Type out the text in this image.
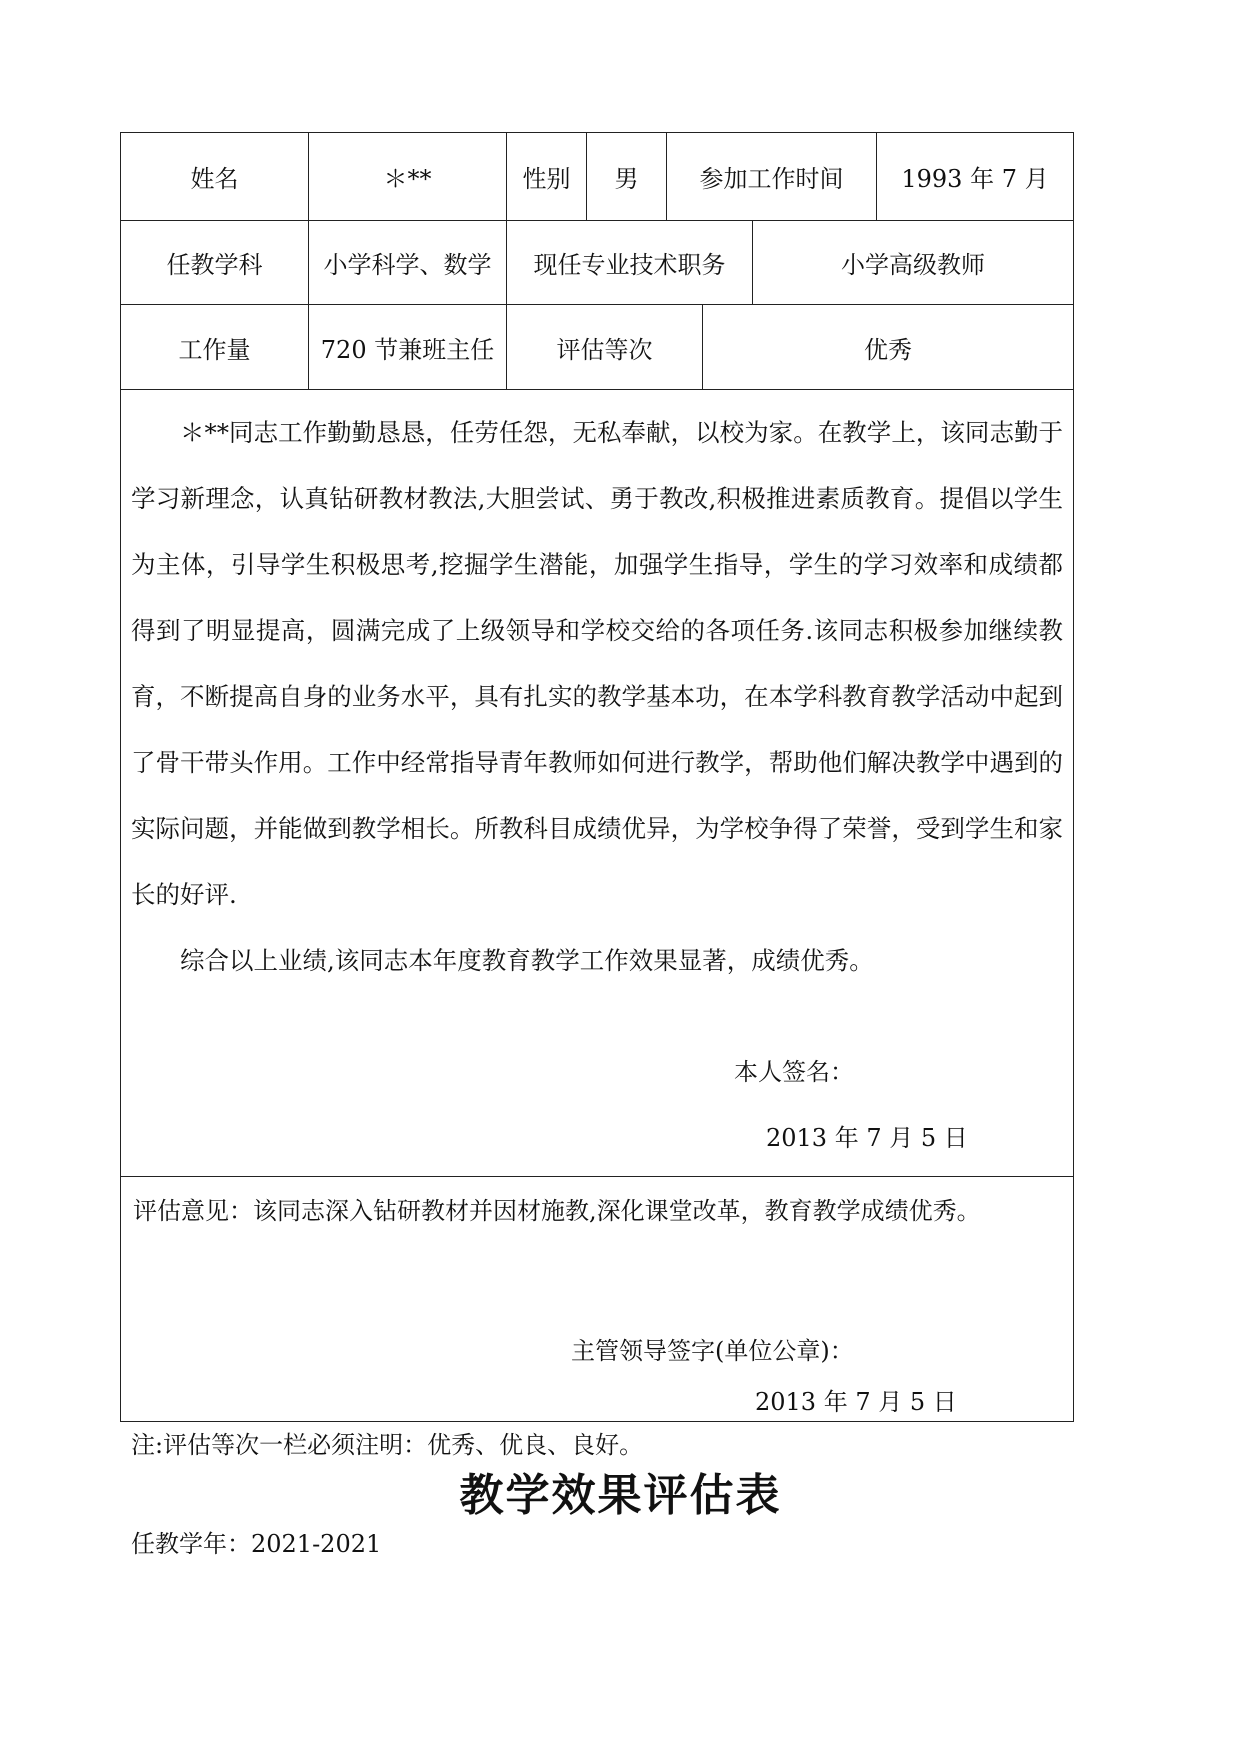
姓名	＊**	性别	男	参加工作时间	1993 年 7 月
任教学科	小学科学、数学	现任专业技术职务	小学高级教师
工作量	720 节兼班主任	评估等次	优秀

＊**同志工作勤勤恳恳，任劳任怨，无私奉献，以校为家。在教学上，该同志勤于学习新理念，认真钻研教材教法,大胆尝试、勇于教改,积极推进素质教育。提倡以学生为主体，引导学生积极思考,挖掘学生潜能，加强学生指导，学生的学习效率和成绩都得到了明显提高，圆满完成了上级领导和学校交给的各项任务.该同志积极参加继续教育，不断提高自身的业务水平，具有扎实的教学基本功，在本学科教育教学活动中起到了骨干带头作用。工作中经常指导青年教师如何进行教学，帮助他们解决教学中遇到的实际问题，并能做到教学相长。所教科目成绩优异，为学校争得了荣誉，受到学生和家长的好评.

综合以上业绩,该同志本年度教育教学工作效果显著，成绩优秀。

本人签名：
2013 年 7 月 5 日
评估意见：该同志深入钻研教材并因材施教,深化课堂改革，教育教学成绩优秀。
主管领导签字(单位公章)：
2013 年 7 月 5 日
注:评估等次一栏必须注明：优秀、优良、良好。
教学效果评估表
任教学年：2021-2021
